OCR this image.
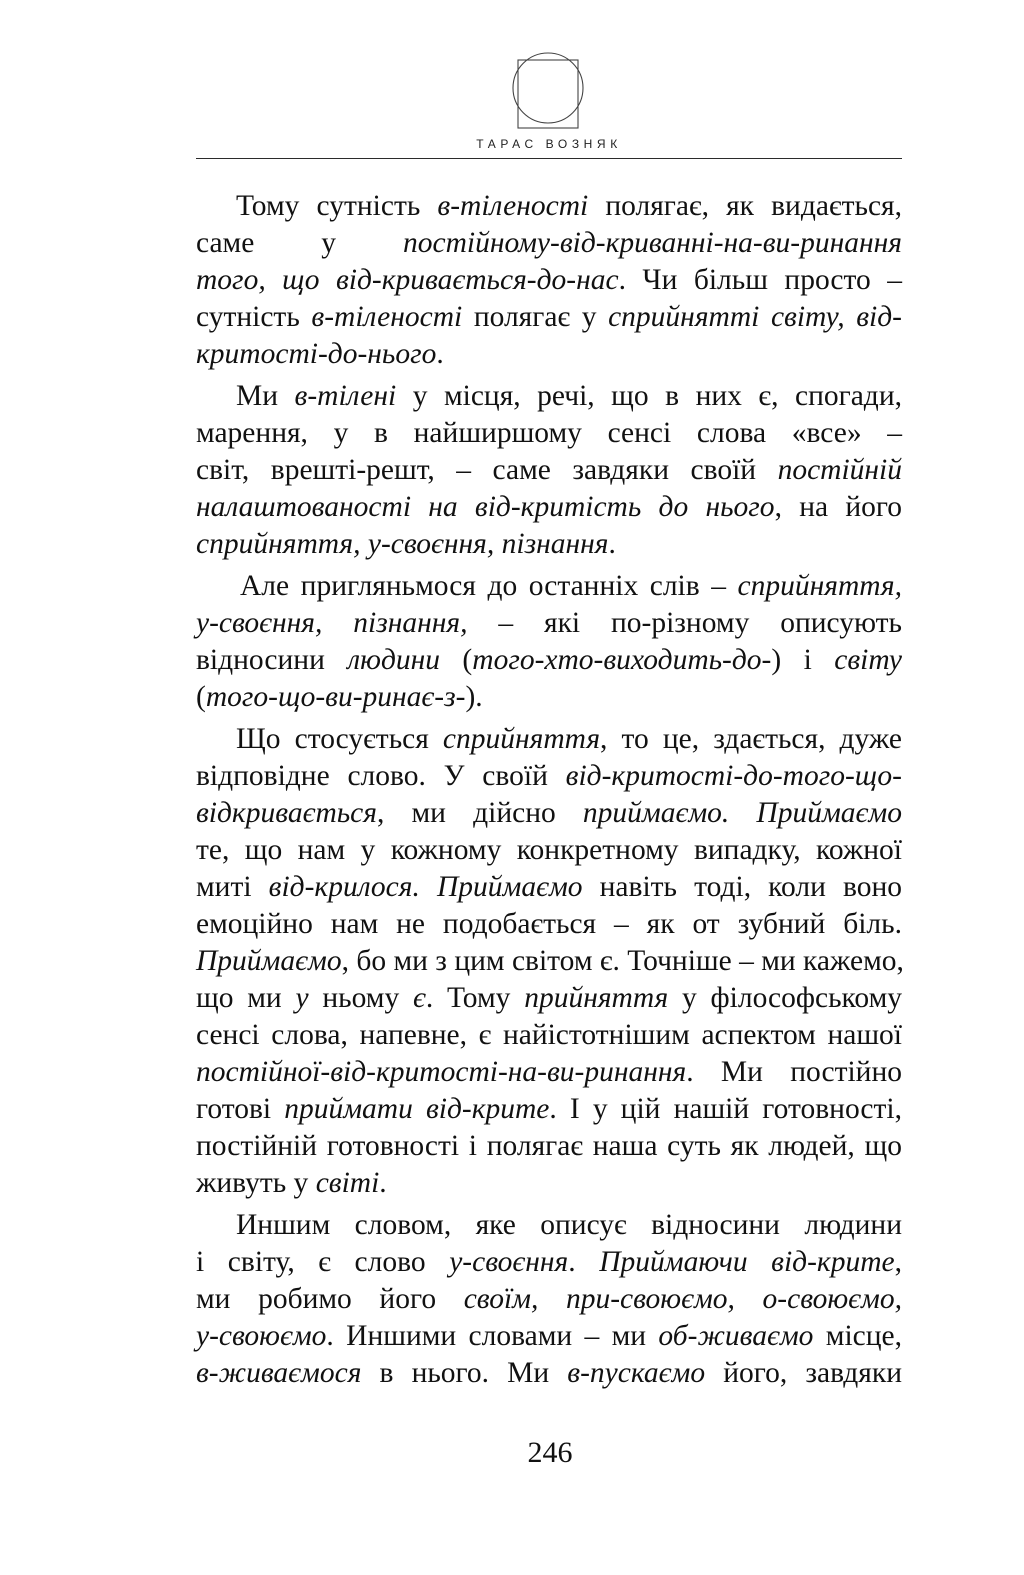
ТАРАС ВОЗНЯК
Тому сутність в-тіленості полягає, як видається,
саме у постійному-від-криванні-на-ви-ринання
того, що від-кривається-до-нас. Чи більш просто –
сутність в-тіленості полягає у сприйнятті світу, від-
критості-до-нього.
Ми в-тілені у місця, речі, що в них є, спогади,
марення, у в найширшому сенсі слова «все» –
світ, врешті-решт, – саме завдяки своїй постійній
налаштованості на від-критість до нього, на його
сприйняття, у-своєння, пізнання.
Але пригляньмося до останніх слів – сприйняття,
у-своєння, пізнання, – які по-різному описують
відносини людини (того-хто-виходить-до-) і світу
(того-що-ви-ринає-з-).
Що стосується сприйняття, то це, здається, дуже
відповідне слово. У своїй від-критості-до-того-що-
відкривається, ми дійсно приймаємо. Приймаємо
те, що нам у кожному конкретному випадку, кожної
миті від-крилося. Приймаємо навіть тоді, коли воно
емоційно нам не подобається – як от зубний біль.
Приймаємо, бо ми з цим світом є. Точніше – ми кажемо,
що ми у ньому є. Тому прийняття у філософському
сенсі слова, напевне, є найістотнішим аспектом нашої
постійної-від-критості-на-ви-ринання. Ми постійно
готові приймати від-крите. І у цій нашій готовності,
постійній готовності і полягає наша суть як людей, що
живуть у світі.
Иншим словом, яке описує відносини людини
і світу, є слово у-своєння. Приймаючи від-крите,
ми робимо його своїм, при-своюємо, о-своюємо,
у-своюємо. Иншими словами – ми об-живаємо місце,
в-живаємося в нього. Ми в-пускаємо його, завдяки
246
